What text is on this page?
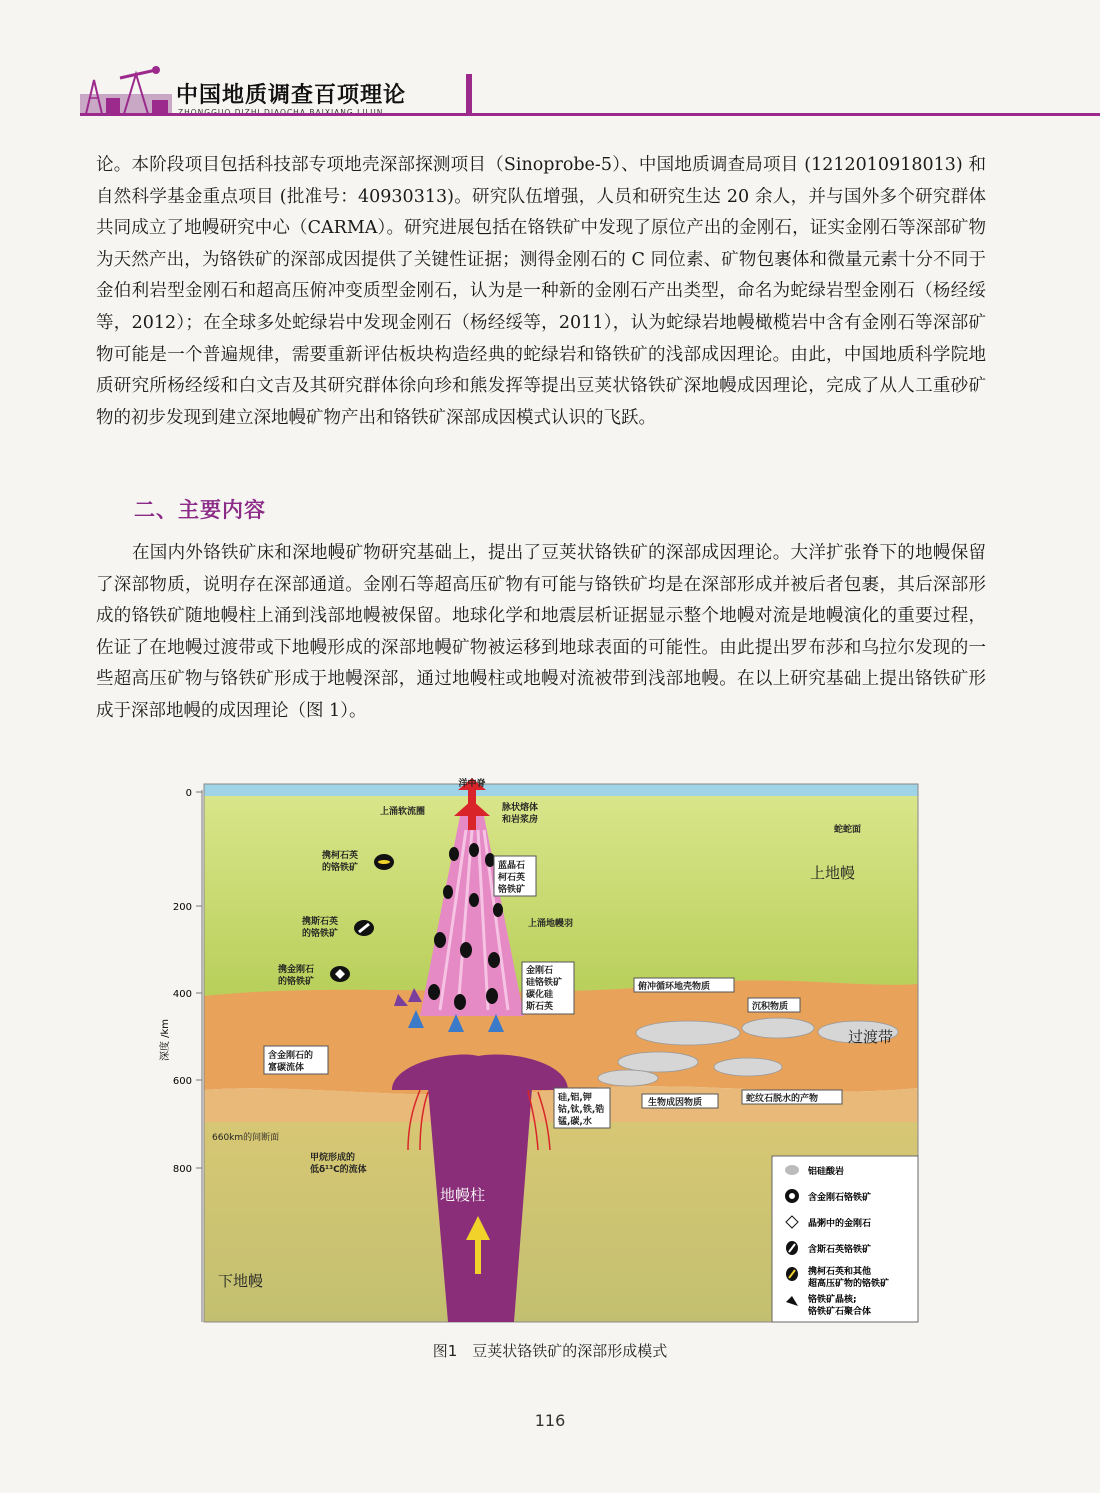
中国地质调查百项理论

论。本阶段项目包括科技部专项地壳深部探测项目（Sinoprobe-5）、中国地质调查局项目 (1212010918013) 和自然科学基金重点项目 (批准号：40930313)。研究队伍增强，人员和研究生达 20 余人，并与国外多个研究群体共同成立了地幔研究中心（CARMA）。研究进展包括在铬铁矿中发现了原位产出的金刚石，证实金刚石等深部矿物为天然产出，为铬铁矿的深部成因提供了关键性证据；测得金刚石的 C 同位素、矿物包裹体和微量元素十分不同于金伯利岩型金刚石和超高压俯冲变质型金刚石，认为是一种新的金刚石产出类型，命名为蛇绿岩型金刚石（杨经绥等，2012）；在全球多处蛇绿岩中发现金刚石（杨经绥等，2011），认为蛇绿岩地幔橄榄岩中含有金刚石等深部矿物可能是一个普遍规律，需要重新评估板块构造经典的蛇绿岩和铬铁矿的浅部成因理论。由此，中国地质科学院地质研究所杨经绥和白文吉及其研究群体徐向珍和熊发挥等提出豆荚状铬铁矿深地幔成因理论，完成了从人工重砂矿物的初步发现到建立深地幔矿物产出和铬铁矿深部成因模式认识的飞跃。

二、主要内容

在国内外铬铁矿床和深地幔矿物研究基础上，提出了豆荚状铬铁矿的深部成因理论。大洋扩张脊下的地幔保留了深部物质，说明存在深部通道。金刚石等超高压矿物有可能与铬铁矿均是在深部形成并被后者包裹，其后深部形成的铬铁矿随地幔柱上涌到浅部地幔被保留。地球化学和地震层析证据显示整个地幔对流是地幔演化的重要过程，佐证了在地幔过渡带或下地幔形成的深部地幔矿物被运移到地球表面的可能性。由此提出罗布莎和乌拉尔发现的一些超高压矿物与铬铁矿形成于地幔深部，通过地幔柱或地幔对流被带到浅部地幔。在以上研究基础上提出铬铁矿形成于深部地幔的成因理论（图 1）。

0
200
400
600
800
深度 /km
洋中脊
上涌软流圈	脉状熔体
和岩浆房
蛇蛇面
上地幔
携柯石英
的铬铁矿
携斯石英
的铬铁矿
携金刚石
的铬铁矿
蓝晶石
柯石英
铬铁矿
上涌地幔羽
金刚石
硅铬铁矿
碳化硅
斯石英
俯冲循环地壳物质
沉积物质
过渡带
含金刚石的
富碳流体
硅,铝,钾
钴,钛,铁,锆
锰,碳,水
生物成因物质	蛇纹石脱水的产物
660km的间断面
甲烷形成的
低δ¹³C的流体
地幔柱
下地幔
铝硅酸岩
含金刚石铬铁矿
晶粥中的金刚石
含斯石英铬铁矿
携柯石英和其他
超高压矿物的铬铁矿
铬铁矿晶核;
铬铁矿石聚合体
图1　豆荚状铬铁矿的深部形成模式
116
